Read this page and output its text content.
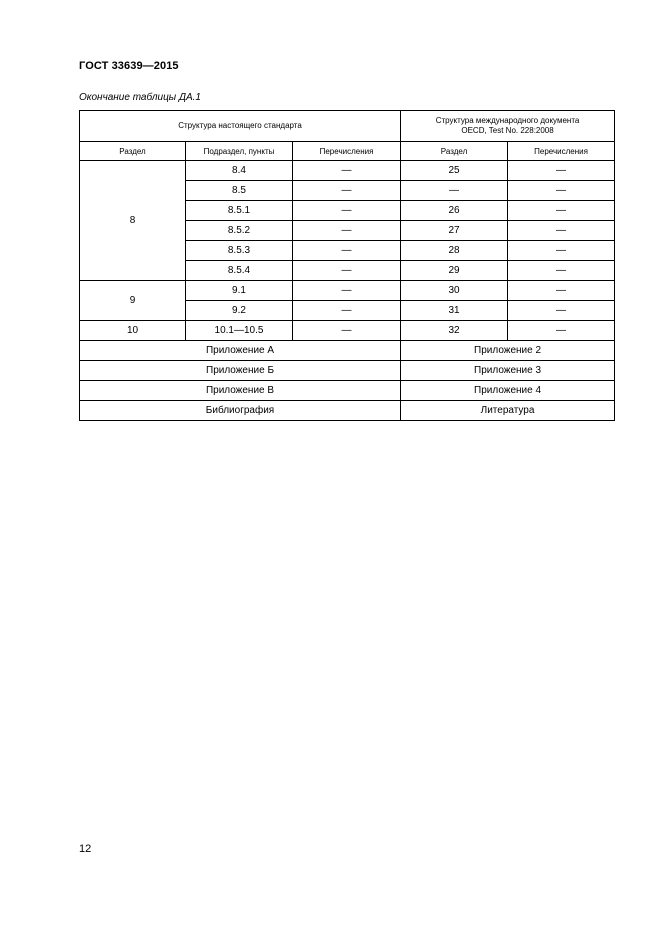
ГОСТ 33639—2015
Окончание таблицы ДА.1
Структура настоящего стандарта			Структура международного документа
OECD, Test No. 228:2008	

Раздел	Подраздел, пункты	Перечисления	Раздел	Перечисления
8	8.4	—	25	—
	8.5	—	—	—
	8.5.1	—	26	—
	8.5.2	—	27	—
	8.5.3	—	28	—
	8.5.4	—	29	—
9	9.1	—	30	—
	9.2	—	31	—
10	10.1—10.5	—	32	—
Приложение А			Приложение 2	
Приложение Б			Приложение 3	
Приложение В			Приложение 4	
Библиография			Литература	
12
